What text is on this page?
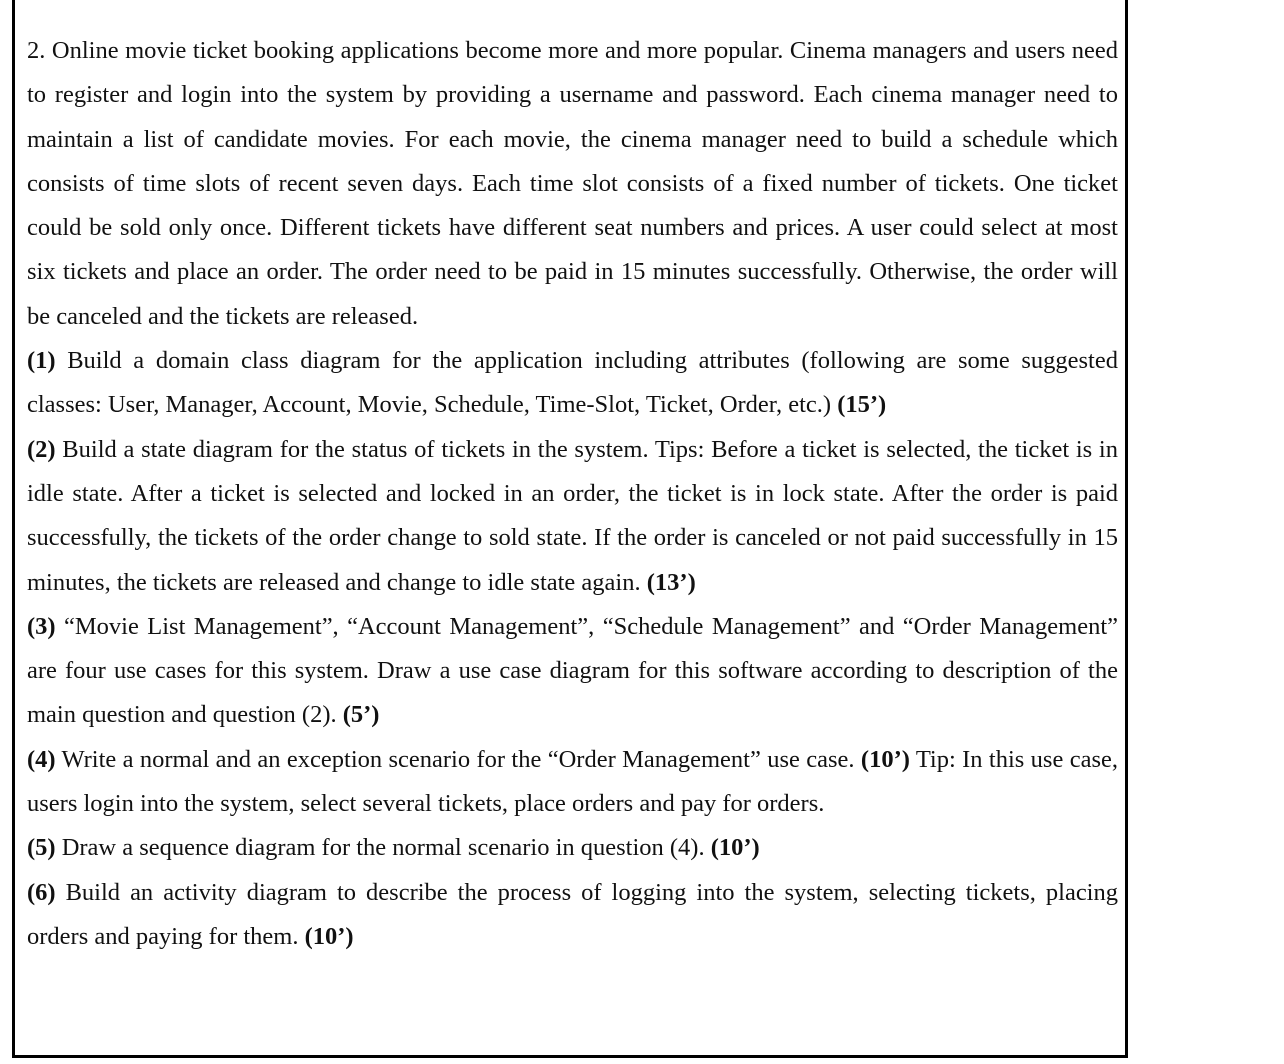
2. Online movie ticket booking applications become more and more popular. Cinema managers and users need to register and login into the system by providing a username and password. Each cinema manager need to maintain a list of candidate movies. For each movie, the cinema manager need to build a schedule which consists of time slots of recent seven days. Each time slot consists of a fixed number of tickets. One ticket could be sold only once. Different tickets have different seat numbers and prices. A user could select at most six tickets and place an order. The order need to be paid in 15 minutes successfully. Otherwise, the order will be canceled and the tickets are released.

(1) Build a domain class diagram for the application including attributes (following are some suggested classes: User, Manager, Account, Movie, Schedule, Time-Slot, Ticket, Order, etc.) (15’)

(2) Build a state diagram for the status of tickets in the system. Tips: Before a ticket is selected, the ticket is in idle state. After a ticket is selected and locked in an order, the ticket is in lock state. After the order is paid successfully, the tickets of the order change to sold state. If the order is canceled or not paid successfully in 15 minutes, the tickets are released and change to idle state again. (13’)

(3) “Movie List Management”, “Account Management”, “Schedule Management” and “Order Management” are four use cases for this system. Draw a use case diagram for this software according to description of the main question and question (2). (5’)

(4) Write a normal and an exception scenario for the “Order Management” use case. (10’) Tip: In this use case, users login into the system, select several tickets, place orders and pay for orders.

(5) Draw a sequence diagram for the normal scenario in question (4). (10’)

(6) Build an activity diagram to describe the process of logging into the system, selecting tickets, placing orders and paying for them. (10’)
